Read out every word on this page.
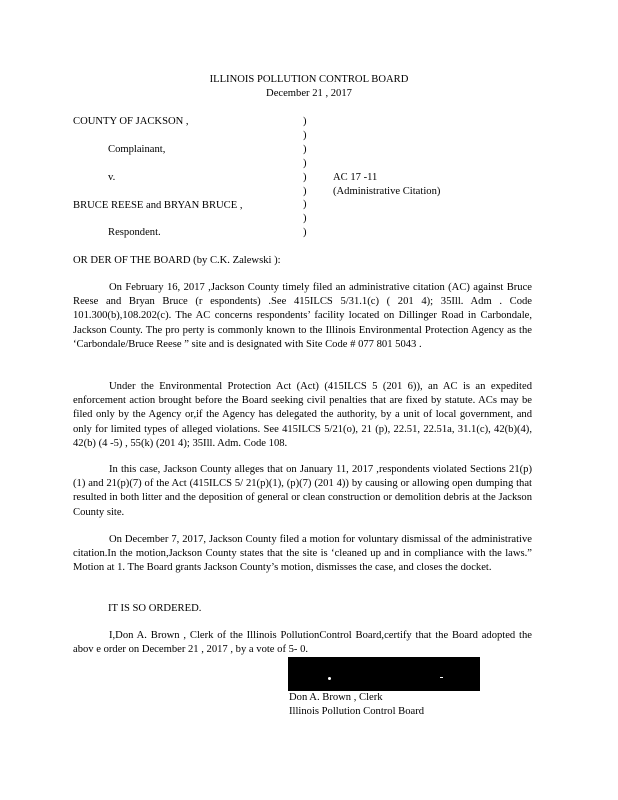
ILLINOIS POLLUTION CONTROL BOARD
December 21 , 2017
COUNTY OF JACKSON ,
Complainant,
v.
BRUCE REESE and BRYAN BRUCE ,
Respondent.
)
)
)
)
)
)
)
)
)
AC 17 -11
(Administrative Citation)
OR DER OF THE BOARD (by C.K. Zalewski ):
On February 16, 2017 ,Jackson County timely filed an administrative citation (AC) against Bruce Reese and Bryan Bruce (r espondents) .See 415ILCS 5/31.1(c) ( 201 4); 35Ill. Adm . Code 101.300(b),108.202(c). The AC concerns respondents’ facility located on Dillinger Road in Carbondale, Jackson County. The pro perty is commonly known to the Illinois Environmental Protection Agency as the ‘Carbondale/Bruce Reese ” site and is designated with Site Code # 077 801 5043 .
Under the Environmental Protection Act (Act) (415ILCS 5 (201 6)), an AC is an expedited enforcement action brought before the Board seeking civil penalties that are fixed by statute. ACs may be filed only by the Agency or,if the Agency has delegated the authority, by a unit of local government, and only for limited types of alleged violations. See 415ILCS 5/21(o), 21 (p), 22.51, 22.51a, 31.1(c), 42(b)(4), 42(b) (4 -5) , 55(k) (201 4); 35Ill. Adm. Code 108.
In this case, Jackson County alleges that on January 11, 2017 ,respondents violated Sections 21(p)(1) and 21(p)(7) of the Act (415ILCS 5/ 21(p)(1), (p)(7) (201 4)) by causing or allowing open dumping that resulted in both litter and the deposition of general or clean construction or demolition debris at the Jackson County site.
On December 7, 2017, Jackson County filed a motion for voluntary dismissal of the administrative citation.In the motion,Jackson County states that the site is ‘cleaned up and in compliance with the laws.” Motion at 1. The Board grants Jackson County’s motion, dismisses the case, and closes the docket.
IT IS SO ORDERED.
I,Don A. Brown , Clerk of the Illinois PollutionControl Board,certify that the Board adopted the abov e order on December 21 , 2017 , by a vote of 5- 0.
Don A. Brown , Clerk
Illinois Pollution Control Board
